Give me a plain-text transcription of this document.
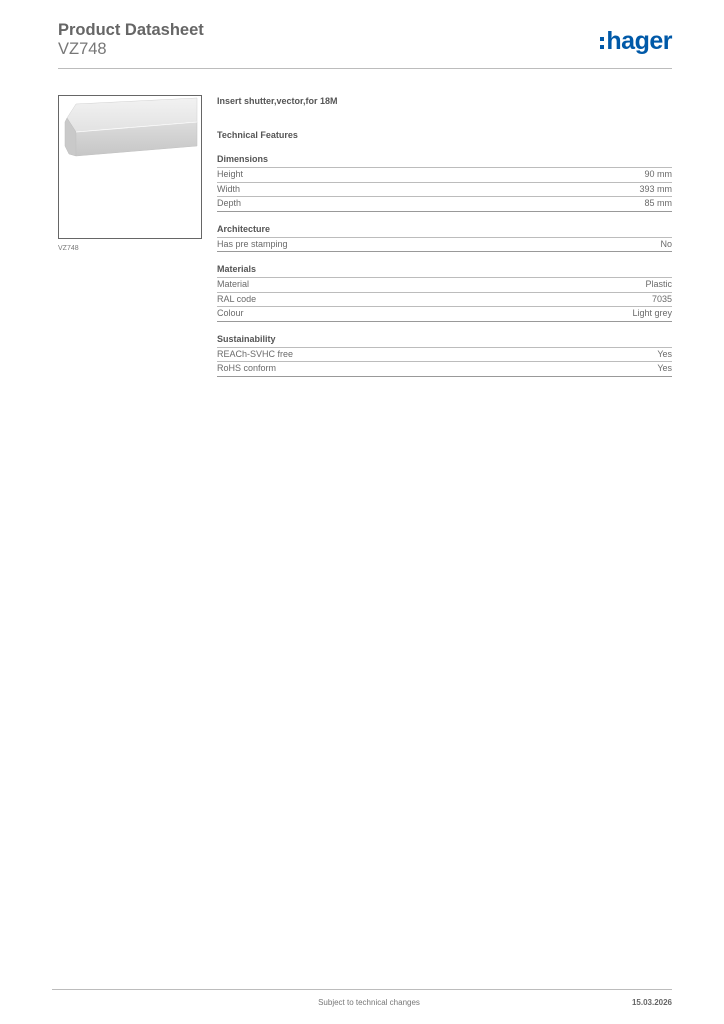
Product Datasheet
VZ748	hager
VZ748
Insert shutter,vector,for 18M
Technical Features
Dimensions
Height	90 mm
Width	393 mm
Depth	85 mm
Architecture
Has pre stamping	No
Materials
Material	Plastic
RAL code	7035
Colour	Light grey
Sustainability
REACh-SVHC free	Yes
RoHS conform	Yes
Subject to technical changes	15.03.2026
